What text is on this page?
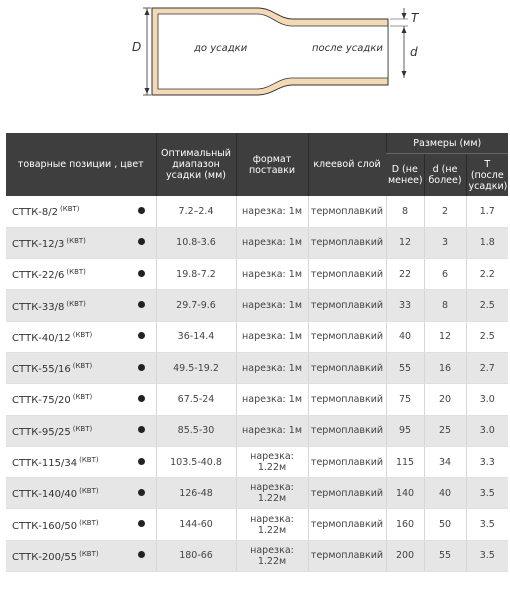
D	d
T
до усадки	после усадки
товарные позиции , цвет		Оптимальный диапазон усадки (мм)	формат поставки	клеевой слой	Размеры (мм)		
					D (не менее)	d (не более)	T (после усадки)
СТТК-8/2 $^{(КВТ)}$		7.2–2.4	нарезка: 1м	термоплавкий	8	2	1.7
СТТК-12/3 $^{(КВТ)}$		10.8-3.6	нарезка: 1м	термоплавкий	12	3	1.8
СТТК-22/6 $^{(КВТ)}$		19.8-7.2	нарезка: 1м	термоплавкий	22	6	2.2
СТТК-33/8 $^{(КВТ)}$		29.7-9.6	нарезка: 1м	термоплавкий	33	8	2.5
СТТК-40/12 $^{(КВТ)}$		36-14.4	нарезка: 1м	термоплавкий	40	12	2.5
СТТК-55/16 $^{(КВТ)}$		49.5-19.2	нарезка: 1м	термоплавкий	55	16	2.7
СТТК-75/20 $^{(КВТ)}$		67.5-24	нарезка: 1м	термоплавкий	75	20	3.0
СТТК-95/25 $^{(КВТ)}$		85.5-30	нарезка: 1м	термоплавкий	95	25	3.0
СТТК-115/34 $^{(КВТ)}$		103.5-40.8	нарезка: 1.22м	термоплавкий	115	34	3.3
СТТК-140/40 $^{(КВТ)}$		126-48	нарезка: 1.22м	термоплавкий	140	40	3.5
СТТК-160/50 $^{(КВТ)}$		144-60	нарезка: 1.22м	термоплавкий	160	50	3.5
СТТК-200/55 $^{(КВТ)}$		180-66	нарезка: 1.22м	термоплавкий	200	55	3.5
